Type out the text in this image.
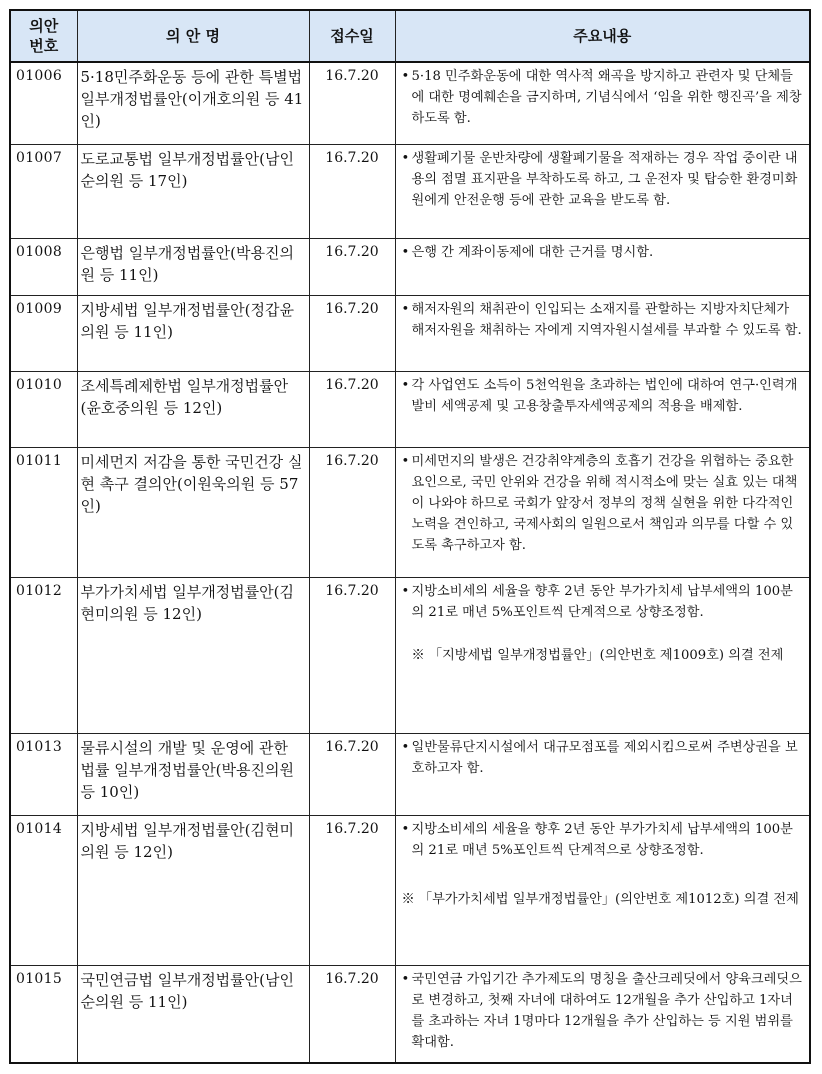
의안
번호	의 안 명	접수일	주요내용
01006	5·18민주화운동 등에 관한 특별법 일부개정법률안(이개호의원 등 41인)	16.7.20	• 5·18 민주화운동에 대한 역사적 왜곡을 방지하고 관련자 및 단체들에 대한 명예훼손을 금지하며, 기념식에서 ‘임을 위한 행진곡’을 제창하도록 함.

01007	도로교통법 일부개정법률안(남인순의원 등 17인)	16.7.20	• 생활폐기물 운반차량에 생활폐기물을 적재하는 경우 작업 중이란 내용의 점멸 표지판을 부착하도록 하고, 그 운전자 및 탑승한 환경미화원에게 안전운행 등에 관한 교육을 받도록 함.

01008	은행법 일부개정법률안(박용진의원 등 11인)	16.7.20	• 은행 간 계좌이동제에 대한 근거를 명시함.

01009	지방세법 일부개정법률안(정갑윤의원 등 11인)	16.7.20	• 해저자원의 채취관이 인입되는 소재지를 관할하는 지방자치단체가 해저자원을 채취하는 자에게 지역자원시설세를 부과할 수 있도록 함.

01010	조세특례제한법 일부개정법률안(윤호중의원 등 12인)	16.7.20	• 각 사업연도 소득이 5천억원을 초과하는 법인에 대하여 연구·인력개발비 세액공제 및 고용창출투자세액공제의 적용을 배제함.

01011	미세먼지 저감을 통한 국민건강 실현 촉구 결의안(이원욱의원 등 57인)	16.7.20	• 미세먼지의 발생은 건강취약계층의 호흡기 건강을 위협하는 중요한 요인으로, 국민 안위와 건강을 위해 적시적소에 맞는 실효 있는 대책이 나와야 하므로 국회가 앞장서 정부의 정책 실현을 위한 다각적인 노력을 견인하고, 국제사회의 일원으로서 책임과 의무를 다할 수 있도록 촉구하고자 함.

01012	부가가치세법 일부개정법률안(김현미의원 등 12인)	16.7.20	• 지방소비세의 세율을 향후 2년 동안 부가가치세 납부세액의 100분의 21로 매년 5%포인트씩 단계적으로 상향조정함.
※ 「지방세법 일부개정법률안」(의안번호 제1009호) 의결 전제

01013	물류시설의 개발 및 운영에 관한 법률 일부개정법률안(박용진의원 등 10인)	16.7.20	• 일반물류단지시설에서 대규모점포를 제외시킴으로써 주변상권을 보호하고자 함.

01014	지방세법 일부개정법률안(김현미의원 등 12인)	16.7.20	• 지방소비세의 세율을 향후 2년 동안 부가가치세 납부세액의 100분의 21로 매년 5%포인트씩 단계적으로 상향조정함.
※ 「부가가치세법 일부개정법률안」(의안번호 제1012호) 의결 전제

01015	국민연금법 일부개정법률안(남인순의원 등 11인)	16.7.20	• 국민연금 가입기간 추가제도의 명칭을 출산크레딧에서 양육크레딧으로 변경하고, 첫째 자녀에 대하여도 12개월을 추가 산입하고 1자녀를 초과하는 자녀 1명마다 12개월을 추가 산입하는 등 지원 범위를 확대함.
